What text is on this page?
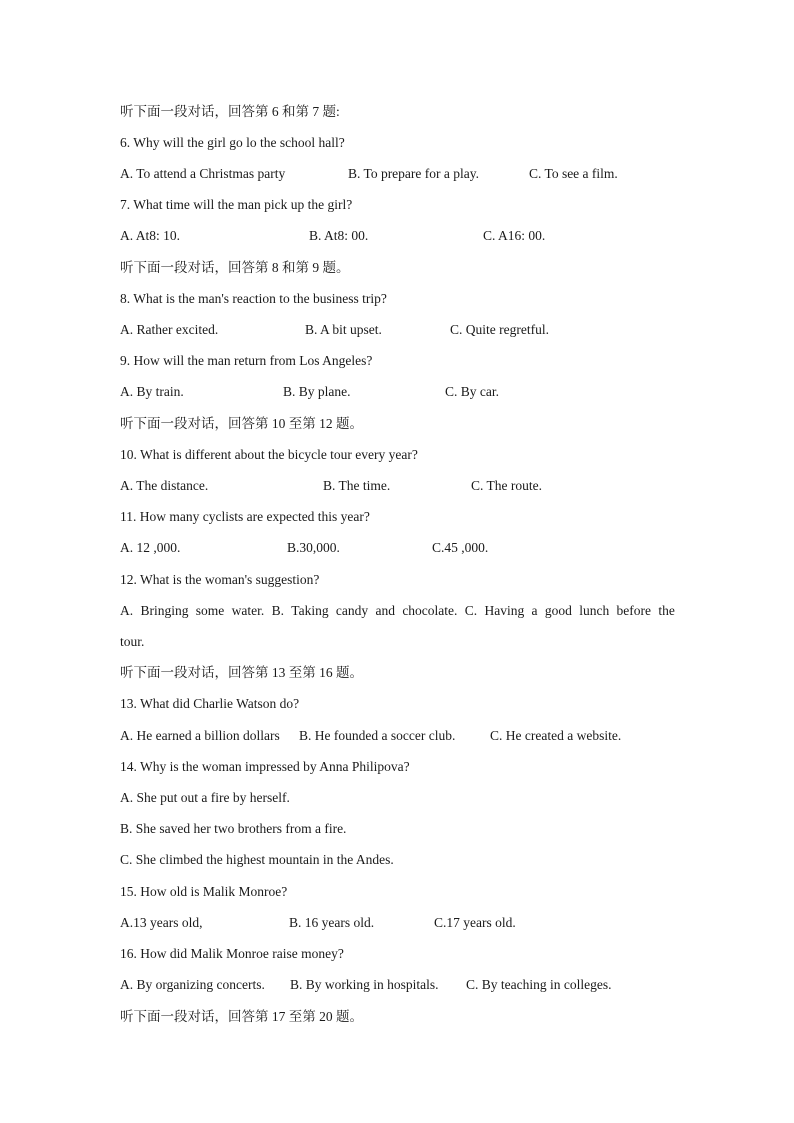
听下面一段对话，回答第 6 和第 7 题:
6. Why will the girl go lo the school hall?
A. To attend a Christmas party	B. To prepare for a play.	C. To see a film.
7. What time will the man pick up the girl?
A. At8: 10.	B. At8: 00.	C. A16: 00.
听下面一段对话，回答第 8 和第 9 题。
8. What is the man's reaction to the business trip?
A. Rather excited.	B. A bit upset.	C. Quite regretful.
9. How will the man return from Los Angeles?
A. By train.	B. By plane.	C. By car.
听下面一段对话，回答第 10 至第 12 题。
10. What is different about the bicycle tour every year?
A. The distance.	B. The time.	C. The route.
11. How many cyclists are expected this year?
A. 12 ,000.	B.30,000.	C.45 ,000.
12. What is the woman's suggestion?
A. Bringing some water. B. Taking candy and chocolate. C. Having a good lunch before the
tour.
听下面一段对话，回答第 13 至第 16 题。
13. What did Charlie Watson do?
A. He earned a billion dollars B. He founded a soccer club.	C. He created a website.
14. Why is the woman impressed by Anna Philipova?
A. She put out a fire by herself.
B. She saved her two brothers from a fire.
C. She climbed the highest mountain in the Andes.
15. How old is Malik Monroe?
A.13 years old,	B. 16 years old.	C.17 years old.
16. How did Malik Monroe raise money?
A. By organizing concerts. B. By working in hospitals. C. By teaching in colleges.
听下面一段对话，回答第 17 至第 20 题。
